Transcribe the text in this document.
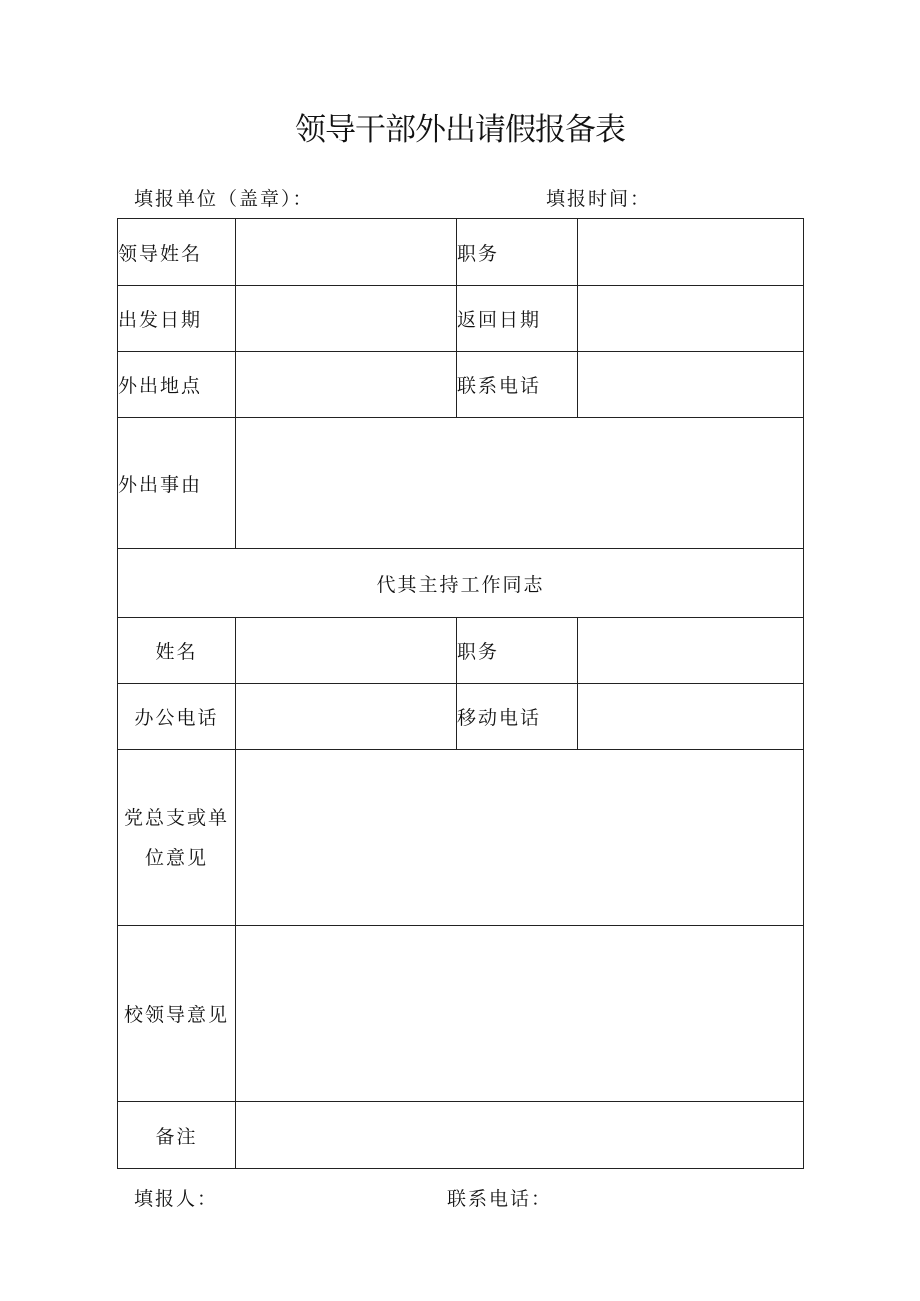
领导干部外出请假报备表
填报单位（盖章）：	填报时间：
领导姓名		职务	
出发日期		返回日期	
外出地点		联系电话	
外出事由			
代其主持工作同志			
姓名		职务	
办公电话		移动电话	

党总支或单
位意见			

校领导意见			
备注			
填报人：	联系电话：
